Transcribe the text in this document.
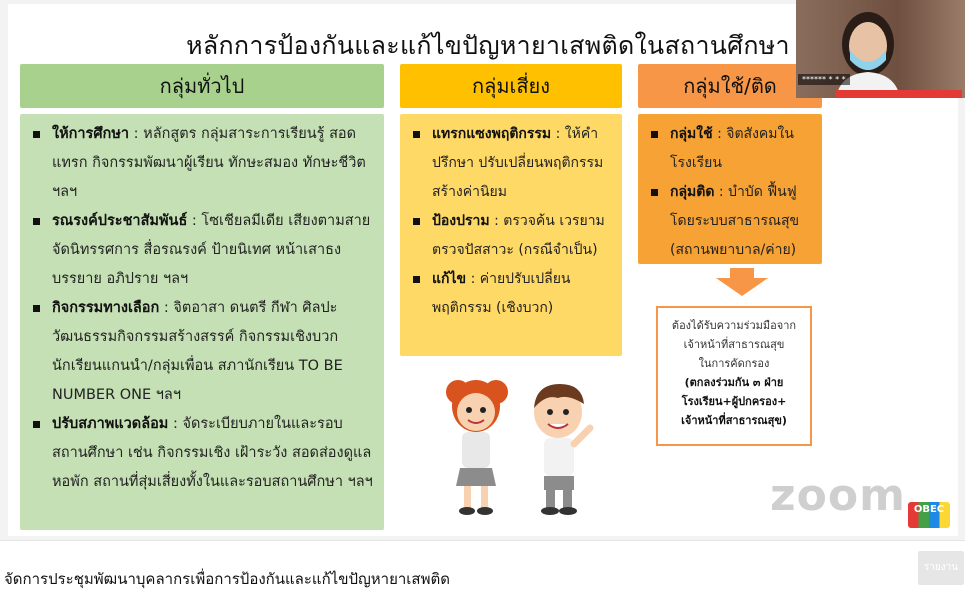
หลักการป้องกันและแก้ไขปัญหายาเสพติดในสถานศึกษา
กลุ่มทั่วไป	กลุ่มเสี่ยง	กลุ่มใช้/ติด
ให้การศึกษา : หลักสูตร กลุ่มสาระการเรียนรู้ สอดแทรก กิจกรรมพัฒนาผู้เรียน ทักษะสมอง ทักษะชีวิต ฯลฯ
รณรงค์ประชาสัมพันธ์ : โซเชียลมีเดีย เสียงตามสาย จัดนิทรรศการ สื่อรณรงค์ ป้ายนิเทศ หน้าเสาธง บรรยาย อภิปราย ฯลฯ
กิจกรรมทางเลือก : จิตอาสา ดนตรี กีฬา ศิลปะ วัฒนธรรมกิจกรรมสร้างสรรค์ กิจกรรมเชิงบวก นักเรียนแกนนำ/กลุ่มเพื่อน สภานักเรียน TO BE NUMBER ONE ฯลฯ
ปรับสภาพแวดล้อม : จัดระเบียบภายในและรอบสถานศึกษา เช่น กิจกรรมเชิง เฝ้าระวัง สอดส่องดูแล หอพัก สถานที่สุ่มเสี่ยงทั้งในและรอบสถานศึกษา ฯลฯ
แทรกแซงพฤติกรรม : ให้คำปรึกษา ปรับเปลี่ยนพฤติกรรม สร้างค่านิยม
ป้องปราม : ตรวจค้น เวรยาม ตรวจปัสสาวะ (กรณีจำเป็น)
แก้ไข : ค่ายปรับเปลี่ยนพฤติกรรม (เชิงบวก)
กลุ่มใช้ : จิตสังคมในโรงเรียน
กลุ่มติด : บำบัด ฟื้นฟู โดยระบบสาธารณสุข (สถานพยาบาล/ค่าย)
ต้องได้รับความร่วมมือจาก
เจ้าหน้าที่สาธารณสุข
ในการคัดกรอง
(ตกลงร่วมกัน ๓ ฝ่าย
โรงเรียน+ผู้ปกครอง+
เจ้าหน้าที่สาธารณสุข)
zoom OBEC
****** * * *
จัดการประชุมพัฒนาบุคลากรเพื่อการป้องกันและแก้ไขปัญหายาเสพติด
รายงาน
